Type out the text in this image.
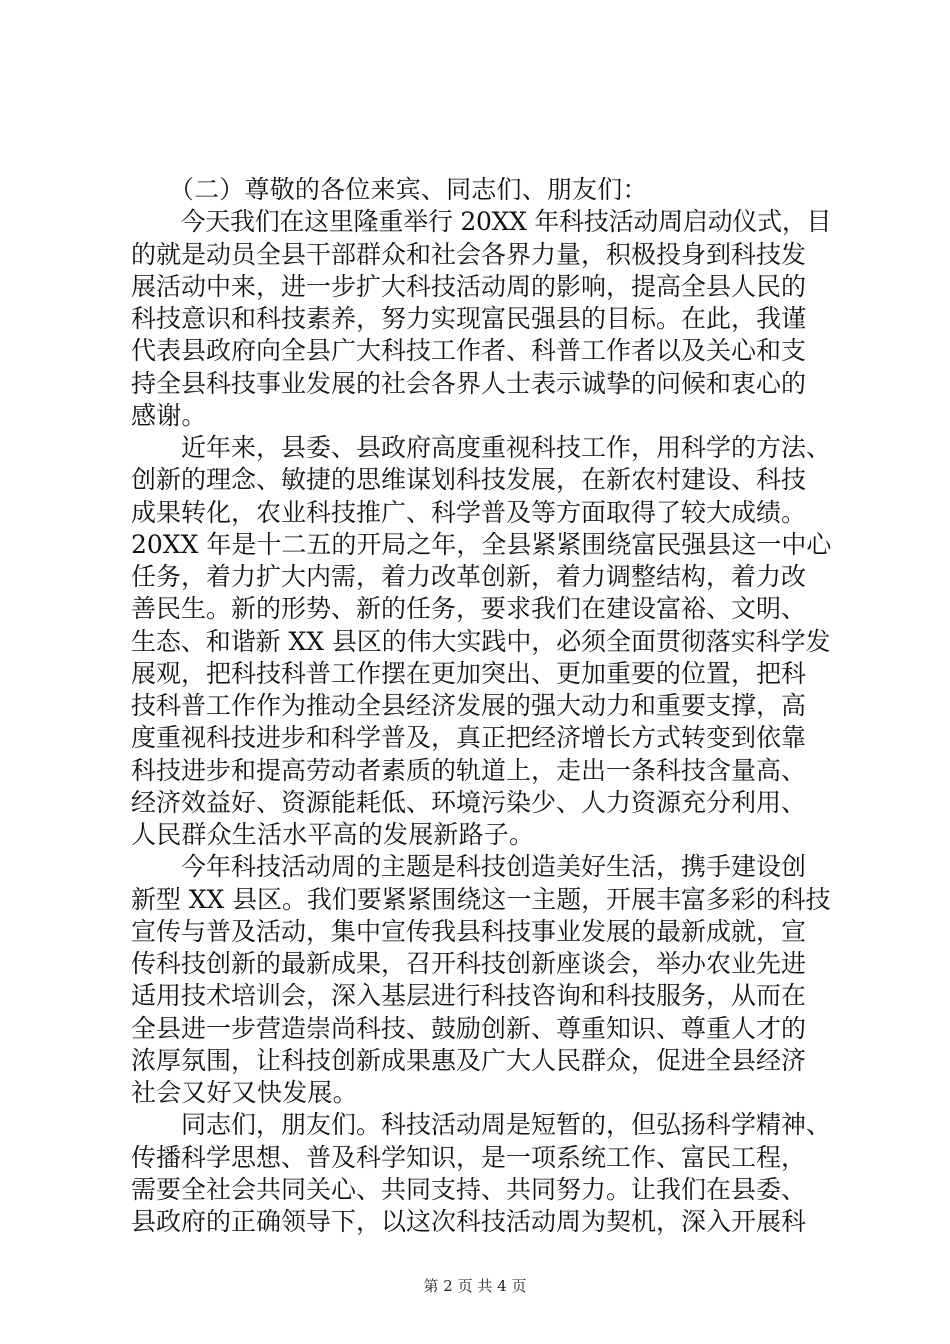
　　（二）尊敬的各位来宾、同志们、朋友们：
　　今天我们在这里隆重举行 20XX 年科技活动周启动仪式，目
的就是动员全县干部群众和社会各界力量，积极投身到科技发
展活动中来，进一步扩大科技活动周的影响，提高全县人民的
科技意识和科技素养，努力实现富民强县的目标。在此，我谨
代表县政府向全县广大科技工作者、科普工作者以及关心和支
持全县科技事业发展的社会各界人士表示诚挚的问候和衷心的
感谢。
　　近年来，县委、县政府高度重视科技工作，用科学的方法、
创新的理念、敏捷的思维谋划科技发展，在新农村建设、科技
成果转化，农业科技推广、科学普及等方面取得了较大成绩。
20XX 年是十二五的开局之年，全县紧紧围绕富民强县这一中心
任务，着力扩大内需，着力改革创新，着力调整结构，着力改
善民生。新的形势、新的任务，要求我们在建设富裕、文明、
生态、和谐新 XX 县区的伟大实践中，必须全面贯彻落实科学发
展观，把科技科普工作摆在更加突出、更加重要的位置，把科
技科普工作作为推动全县经济发展的强大动力和重要支撑，高
度重视科技进步和科学普及，真正把经济增长方式转变到依靠
科技进步和提高劳动者素质的轨道上，走出一条科技含量高、
经济效益好、资源能耗低、环境污染少、人力资源充分利用、
人民群众生活水平高的发展新路子。
　　今年科技活动周的主题是科技创造美好生活，携手建设创
新型 XX 县区。我们要紧紧围绕这一主题，开展丰富多彩的科技
宣传与普及活动，集中宣传我县科技事业发展的最新成就，宣
传科技创新的最新成果，召开科技创新座谈会，举办农业先进
适用技术培训会，深入基层进行科技咨询和科技服务，从而在
全县进一步营造崇尚科技、鼓励创新、尊重知识、尊重人才的
浓厚氛围，让科技创新成果惠及广大人民群众，促进全县经济
社会又好又快发展。
　　同志们，朋友们。科技活动周是短暂的，但弘扬科学精神、
传播科学思想、普及科学知识，是一项系统工作、富民工程，
需要全社会共同关心、共同支持、共同努力。让我们在县委、
县政府的正确领导下，以这次科技活动周为契机，深入开展科
第 2 页 共 4 页
